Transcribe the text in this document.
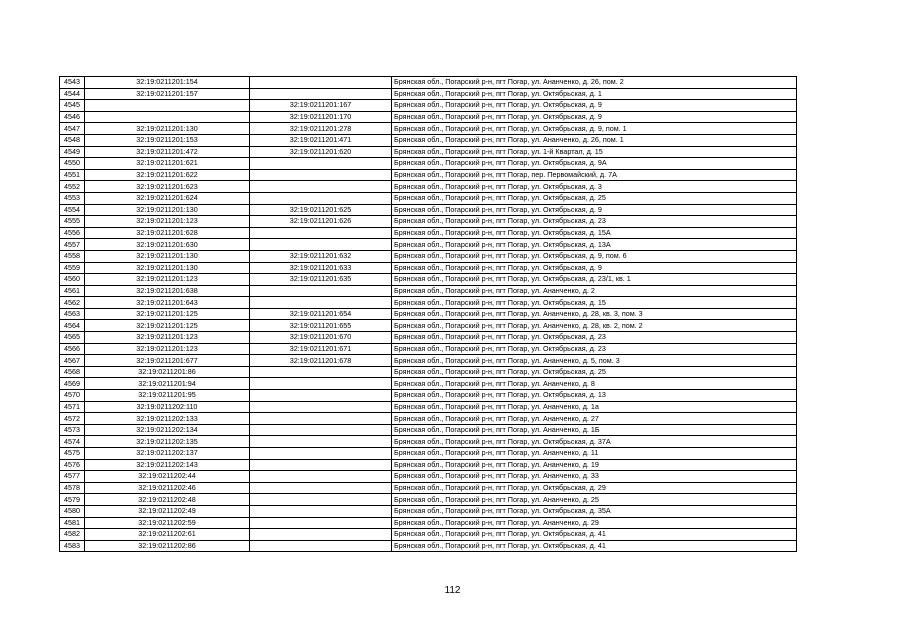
4543	32:19:0211201:154		Брянская обл., Погарский р-н, пгт Погар, ул. Ананченко, д. 26, пом. 2
4544	32:19:0211201:157		Брянская обл., Погарский р-н, пгт Погар, ул. Октябрьская, д. 1
4545		32:19:0211201:167	Брянская обл., Погарский р-н, пгт Погар, ул. Октябрьская, д. 9
4546		32:19:0211201:170	Брянская обл., Погарский р-н, пгт Погар, ул. Октябрьская, д. 9
4547	32:19:0211201:130	32:19:0211201:278	Брянская обл., Погарский р-н, пгт Погар, ул. Октябрьская, д. 9, пом. 1
4548	32:19:0211201:153	32:19:0211201:471	Брянская обл., Погарский р-н, пгт Погар, ул. Ананченко, д. 26, пом. 1
4549	32:19:0211201:472	32:19:0211201:620	Брянская обл., Погарский р-н, пгт Погар, ул. 1-й Квартал, д. 15
4550	32:19:0211201:621		Брянская обл., Погарский р-н, пгт Погар, ул. Октябрьская, д. 9А
4551	32:19:0211201:622		Брянская обл., Погарский р-н, пгт Погар, пер. Первомайский, д. 7А
4552	32:19:0211201:623		Брянская обл., Погарский р-н, пгт Погар, ул. Октябрьская, д. 3
4553	32:19:0211201:624		Брянская обл., Погарский р-н, пгт Погар, ул. Октябрьская, д. 25
4554	32:19:0211201:130	32:19:0211201:625	Брянская обл., Погарский р-н, пгт Погар, ул. Октябрьская, д. 9
4555	32:19:0211201:123	32:19:0211201:626	Брянская обл., Погарский р-н, пгт Погар, ул. Октябрьская, д. 23
4556	32:19:0211201:628		Брянская обл., Погарский р-н, пгт Погар, ул. Октябрьская, д. 15А
4557	32:19:0211201:630		Брянская обл., Погарский р-н, пгт Погар, ул. Октябрьская, д. 13А
4558	32:19:0211201:130	32:19:0211201:632	Брянская обл., Погарский р-н, пгт Погар, ул. Октябрьская, д. 9, пом. 6
4559	32:19:0211201:130	32:19:0211201:633	Брянская обл., Погарский р-н, пгт Погар, ул. Октябрьская, д. 9
4560	32:19:0211201:123	32:19:0211201:635	Брянская обл., Погарский р-н, пгт Погар, ул. Октябрьская, д. 23/1, кв. 1
4561	32:19:0211201:638		Брянская обл., Погарский р-н, пгт Погар, ул. Ананченко, д. 2
4562	32:19:0211201:643		Брянская обл., Погарский р-н, пгт Погар, ул. Октябрьская, д. 15
4563	32:19:0211201:125	32:19:0211201:654	Брянская обл., Погарский р-н, пгт Погар, ул. Ананченко, д. 28, кв. 3, пом. 3
4564	32:19:0211201:125	32:19:0211201:655	Брянская обл., Погарский р-н, пгт Погар, ул. Ананченко, д. 28, кв. 2, пом. 2
4565	32:19:0211201:123	32:19:0211201:670	Брянская обл., Погарский р-н, пгт Погар, ул. Октябрьская, д. 23
4566	32:19:0211201:123	32:19:0211201:671	Брянская обл., Погарский р-н, пгт Погар, ул. Октябрьская, д. 23
4567	32:19:0211201:677	32:19:0211201:678	Брянская обл., Погарский р-н, пгт Погар, ул. Ананченко, д. 5, пом. 3
4568	32:19:0211201:86		Брянская обл., Погарский р-н, пгт Погар, ул. Октябрьская, д. 25
4569	32:19:0211201:94		Брянская обл., Погарский р-н, пгт Погар, ул. Ананченко, д. 8
4570	32:19:0211201:95		Брянская обл., Погарский р-н, пгт Погар, ул. Октябрьская, д. 13
4571	32:19:0211202:110		Брянская обл., Погарский р-н, пгт Погар, ул. Ананченко, д. 1а
4572	32:19:0211202:133		Брянская обл., Погарский р-н, пгт Погар, ул. Ананченко, д. 27
4573	32:19:0211202:134		Брянская обл., Погарский р-н, пгт Погар, ул. Ананченко, д. 1Б
4574	32:19:0211202:135		Брянская обл., Погарский р-н, пгт Погар, ул. Октябрьская, д. 37А
4575	32:19:0211202:137		Брянская обл., Погарский р-н, пгт Погар, ул. Ананченко, д. 11
4576	32:19:0211202:143		Брянская обл., Погарский р-н, пгт Погар, ул. Ананченко, д. 19
4577	32:19:0211202:44		Брянская обл., Погарский р-н, пгт Погар, ул. Ананченко, д. 33
4578	32:19:0211202:46		Брянская обл., Погарский р-н, пгт Погар, ул. Октябрьская, д. 29
4579	32:19:0211202:48		Брянская обл., Погарский р-н, пгт Погар, ул. Ананченко, д. 25
4580	32:19:0211202:49		Брянская обл., Погарский р-н, пгт Погар, ул. Октябрьская, д. 35А
4581	32:19:0211202:59		Брянская обл., Погарский р-н, пгт Погар, ул. Ананченко, д. 29
4582	32:19:0211202:61		Брянская обл., Погарский р-н, пгт Погар, ул. Октябрьская, д. 41
4583	32:19:0211202:86		Брянская обл., Погарский р-н, пгт Погар, ул. Октябрьская, д. 41
112
